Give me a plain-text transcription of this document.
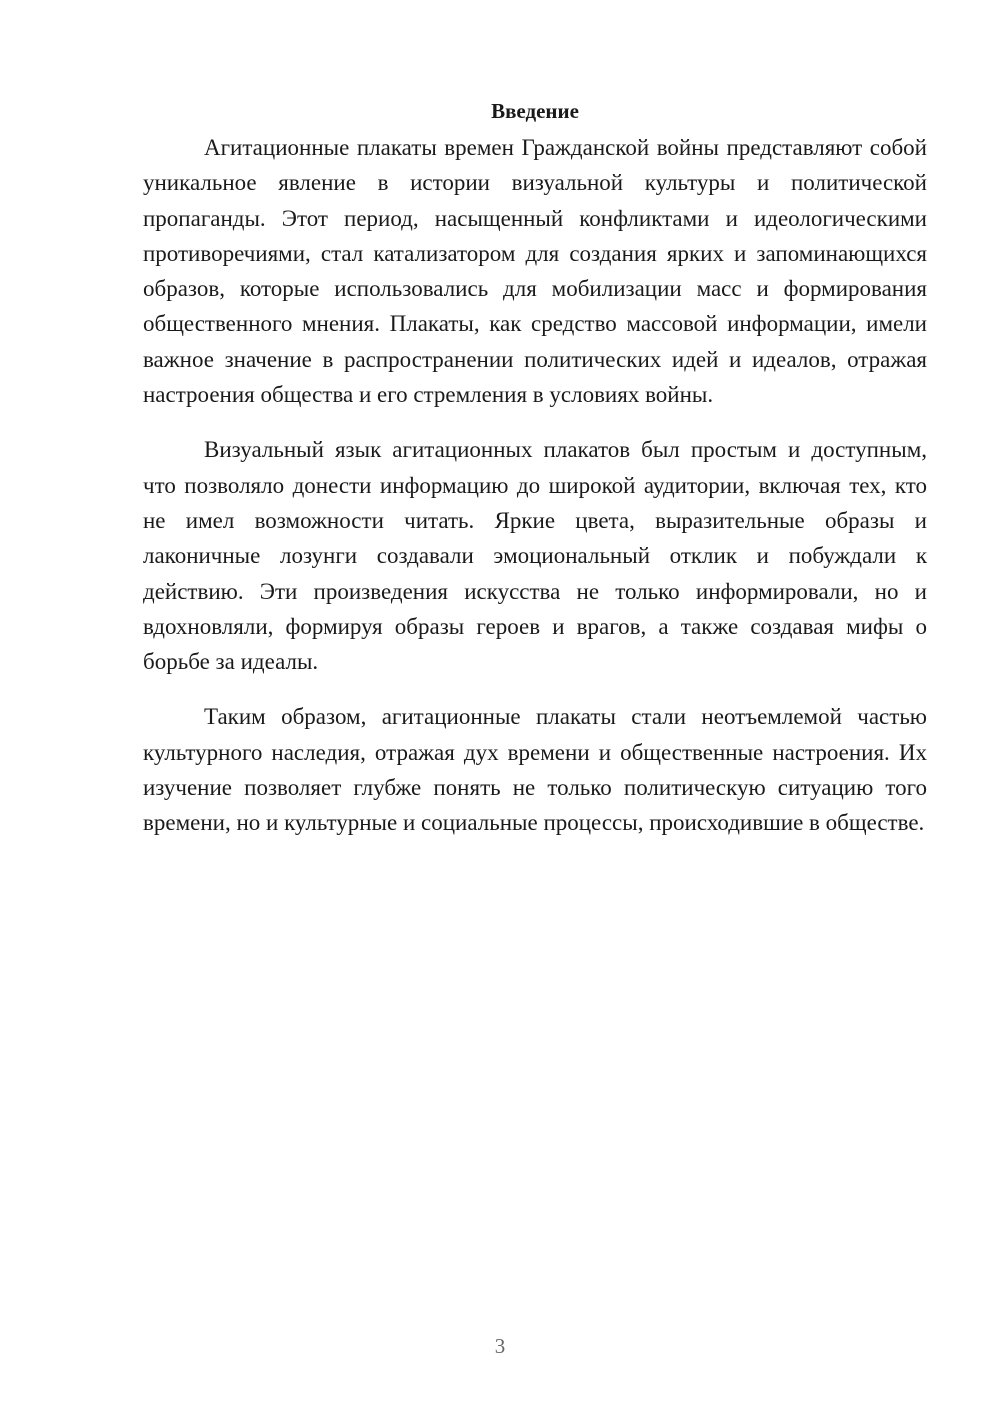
Введение

Агитационные плакаты времен Гражданской войны представляют собой уникальное явление в истории визуальной культуры и политической пропаганды. Этот период, насыщенный конфликтами и идеологическими противоречиями, стал катализатором для создания ярких и запоминающихся образов, которые использовались для мобилизации масс и формирования общественного мнения. Плакаты, как средство массовой информации, имели важное значение в распространении политических идей и идеалов, отражая настроения общества и его стремления в условиях войны.

Визуальный язык агитационных плакатов был простым и доступным, что позволяло донести информацию до широкой аудитории, включая тех, кто не имел возможности читать. Яркие цвета, выразительные образы и лаконичные лозунги создавали эмоциональный отклик и побуждали к действию. Эти произведения искусства не только информировали, но и вдохновляли, формируя образы героев и врагов, а также создавая мифы о борьбе за идеалы.

Таким образом, агитационные плакаты стали неотъемлемой частью культурного наследия, отражая дух времени и общественные настроения. Их изучение позволяет глубже понять не только политическую ситуацию того времени, но и культурные и социальные процессы, происходившие в обществе.

3
